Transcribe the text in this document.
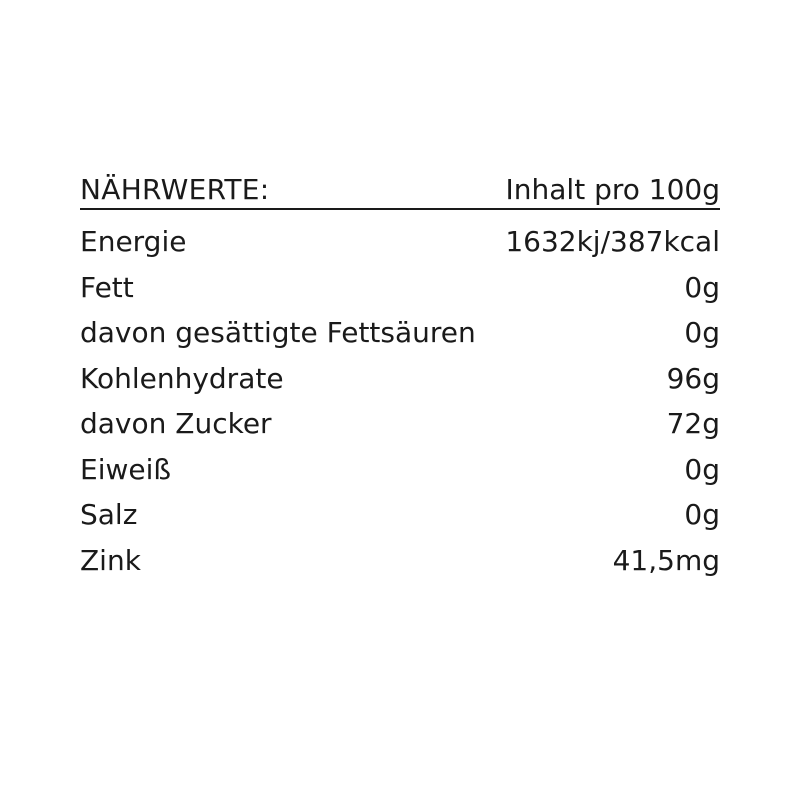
NÄHRWERTE:	Inhalt pro 100g
Energie	1632kj/387kcal
Fett	0g
davon gesättigte Fettsäuren	0g
Kohlenhydrate	96g
davon Zucker	72g
Eiweiß	0g
Salz	0g
Zink	41,5mg
